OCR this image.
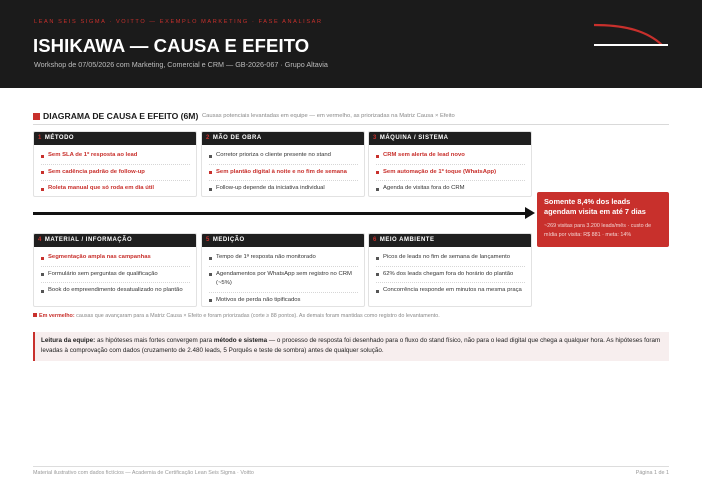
LEAN SEIS SIGMA · VOITTO — EXEMPLO MARKETING · FASE ANALISAR
ISHIKAWA — CAUSA E EFEITO
Workshop de 07/05/2026 com Marketing, Comercial e CRM — GB-2026-067 · Grupo Altavia
DIAGRAMA DE CAUSA E EFEITO (6M) Causas potenciais levantadas em equipe — em vermelho, as priorizadas na Matriz Causa × Efeito
1 MÉTODO
Sem SLA de 1º resposta ao lead
Sem cadência padrão de follow-up
Roleta manual que só roda em dia útil
2 MÃO DE OBRA
Corretor prioriza o cliente presente no stand
Sem plantão digital à noite e no fim de semana
Follow-up depende da iniciativa individual
3 MÁQUINA / SISTEMA
CRM sem alerta de lead novo
Sem automação de 1º toque (WhatsApp)
Agenda de visitas fora do CRM
Somente 8,4% dos leads agendam visita em até 7 dias
~269 visitas para 3.200 leads/mês · custo de mídia por visita: R$ 881 · meta: 14%
4 MATERIAL / INFORMAÇÃO
Segmentação ampla nas campanhas
Formulário sem perguntas de qualificação
Book do empreendimento desatualizado no plantão
5 MEDIÇÃO
Tempo de 1ª resposta não monitorado
Agendamentos por WhatsApp sem registro no CRM (~5%)
Motivos de perda não tipificados
6 MEIO AMBIENTE
Picos de leads no fim de semana de lançamento
62% dos leads chegam fora do horário do plantão
Concorrência responde em minutos na mesma praça
Em vermelho: causas que avançaram para a Matriz Causa × Efeito e foram priorizadas (corte ≥ 88 pontos). As demais foram mantidas como registro do levantamento.
Leitura da equipe: as hipóteses mais fortes convergem para método e sistema — o processo de resposta foi desenhado para o fluxo do stand físico, não para o lead digital que chega a qualquer hora. As hipóteses foram levadas à comprovação com dados (cruzamento de 2.480 leads, 5 Porquês e teste de sombra) antes de qualquer solução.
Material ilustrativo com dados fictícios — Academia de Certificação Lean Seis Sigma · Voitto	Página 1 de 1
